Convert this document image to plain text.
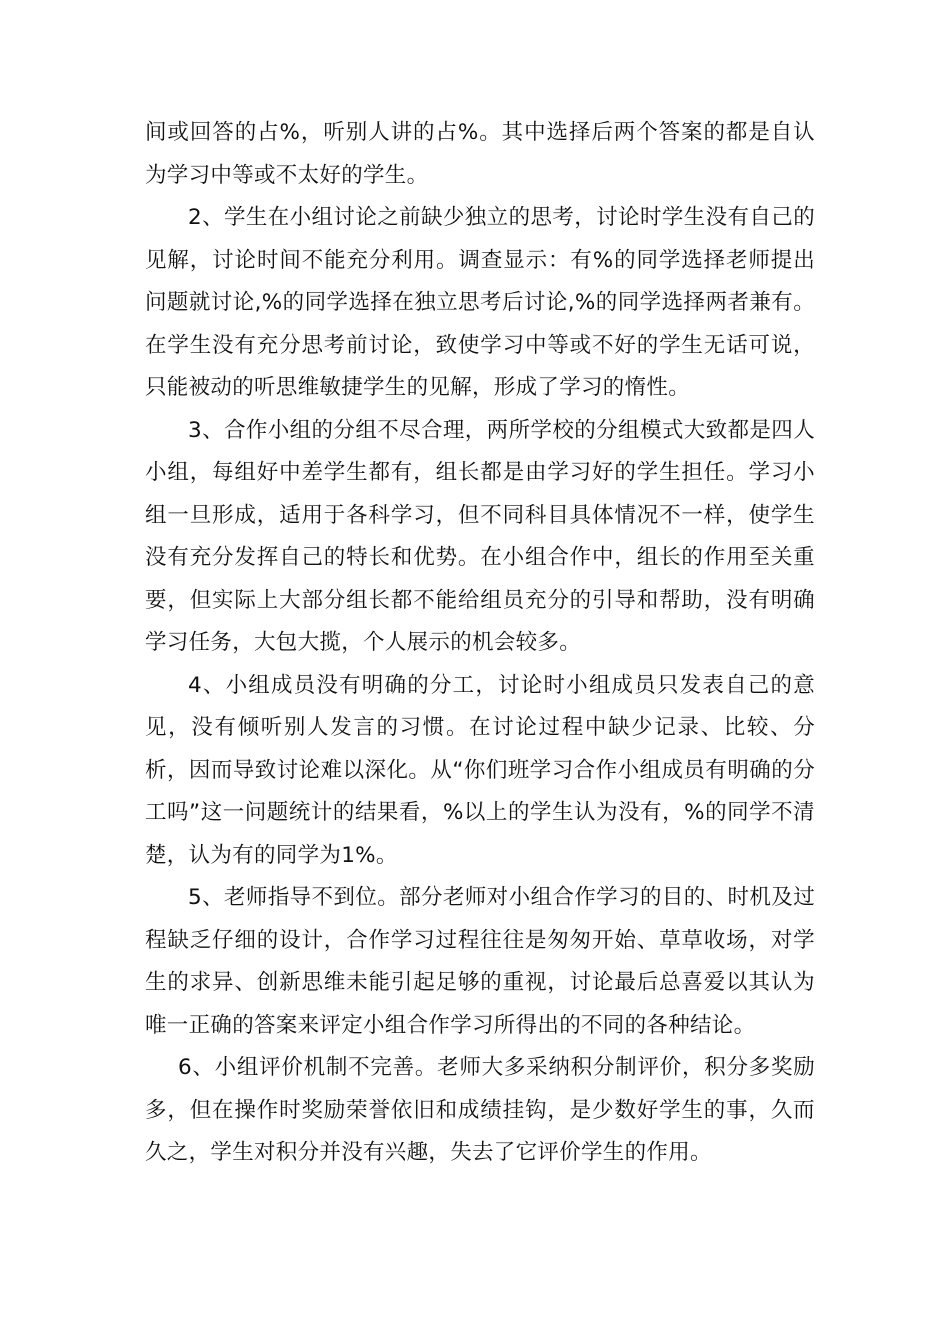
间或回答的占%，听别人讲的占%。其中选择后两个答案的都是自认为学习中等或不太好的学生。

2、学生在小组讨论之前缺少独立的思考，讨论时学生没有自己的见解，讨论时间不能充分利用。调查显示：有%的同学选择老师提出问题就讨论,%的同学选择在独立思考后讨论,%的同学选择两者兼有。在学生没有充分思考前讨论，致使学习中等或不好的学生无话可说，只能被动的听思维敏捷学生的见解，形成了学习的惰性。

3、合作小组的分组不尽合理，两所学校的分组模式大致都是四人小组，每组好中差学生都有，组长都是由学习好的学生担任。学习小组一旦形成，适用于各科学习，但不同科目具体情况不一样，使学生没有充分发挥自己的特长和优势。在小组合作中，组长的作用至关重要，但实际上大部分组长都不能给组员充分的引导和帮助，没有明确学习任务，大包大揽，个人展示的机会较多。

4、小组成员没有明确的分工，讨论时小组成员只发表自己的意见，没有倾听别人发言的习惯。在讨论过程中缺少记录、比较、分析，因而导致讨论难以深化。从“你们班学习合作小组成员有明确的分工吗”这一问题统计的结果看，%以上的学生认为没有，%的同学不清楚，认为有的同学为1%。

5、老师指导不到位。部分老师对小组合作学习的目的、时机及过程缺乏仔细的设计，合作学习过程往往是匆匆开始、草草收场，对学生的求异、创新思维未能引起足够的重视，讨论最后总喜爱以其认为唯一正确的答案来评定小组合作学习所得出的不同的各种结论。

6、小组评价机制不完善。老师大多采纳积分制评价，积分多奖励多，但在操作时奖励荣誉依旧和成绩挂钩，是少数好学生的事，久而久之，学生对积分并没有兴趣，失去了它评价学生的作用。
